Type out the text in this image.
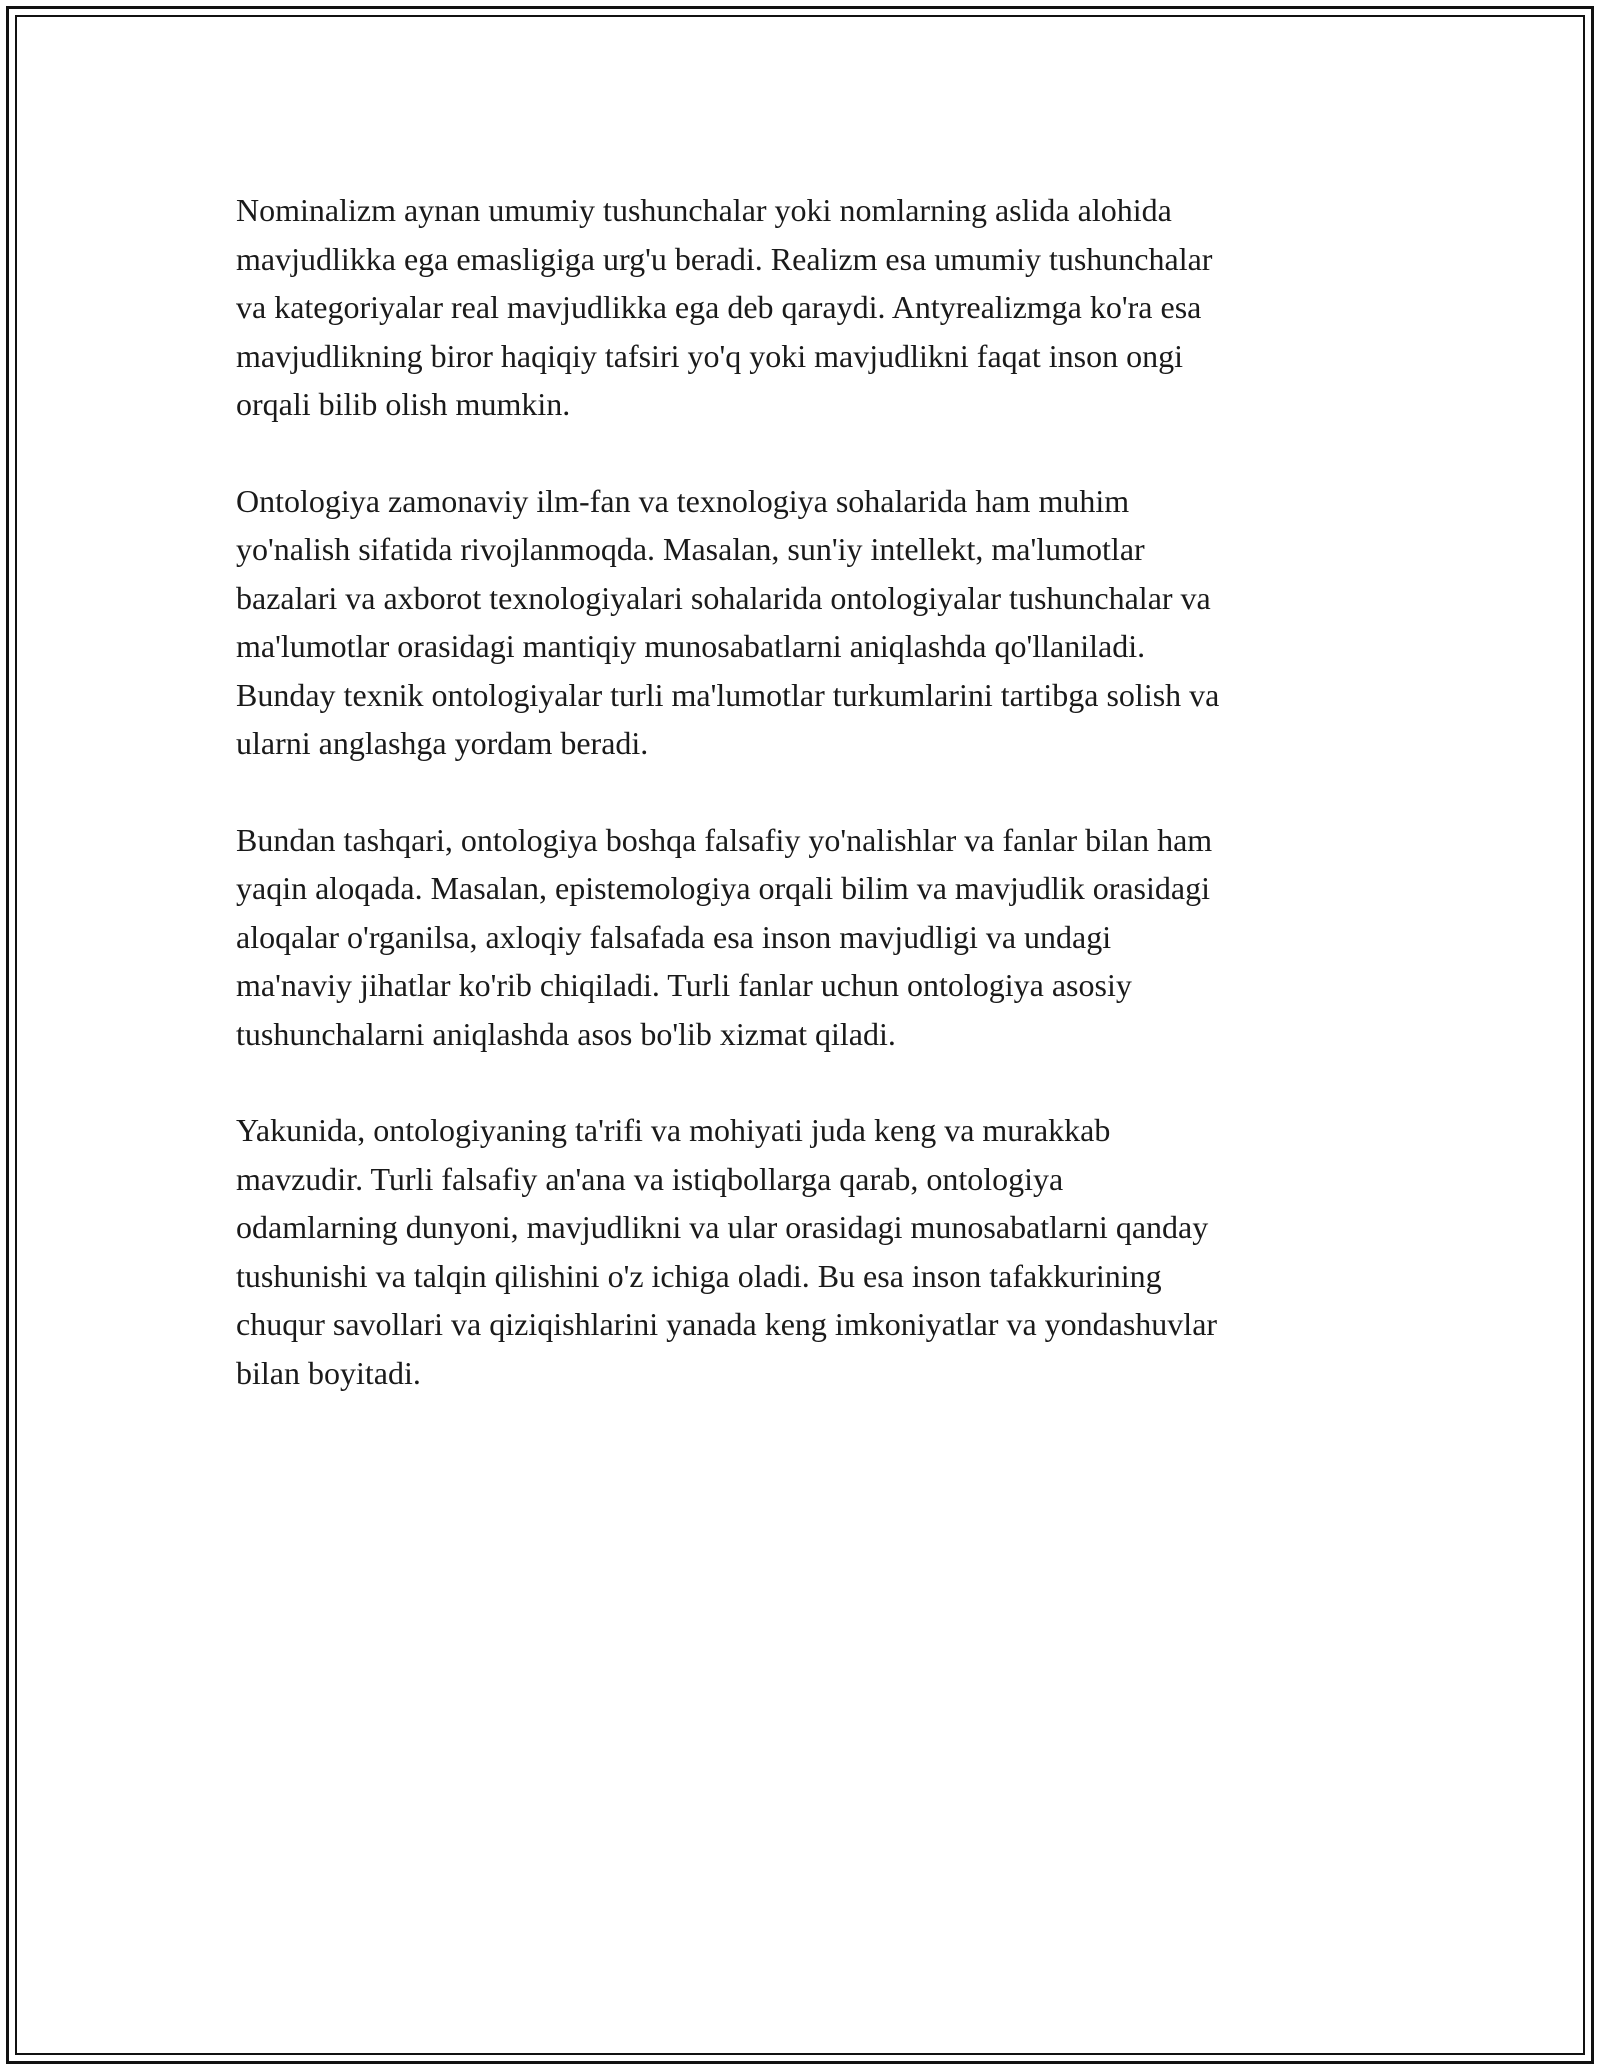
Nominalizm aynan umumiy tushunchalar yoki nomlarning aslida alohida
mavjudlikka ega emasligiga urg'u beradi. Realizm esa umumiy tushunchalar
va kategoriyalar real mavjudlikka ega deb qaraydi. Antyrealizmga ko'ra esa
mavjudlikning biror haqiqiy tafsiri yo'q yoki mavjudlikni faqat inson ongi
orqali bilib olish mumkin.

Ontologiya zamonaviy ilm-fan va texnologiya sohalarida ham muhim
yo'nalish sifatida rivojlanmoqda. Masalan, sun'iy intellekt, ma'lumotlar
bazalari va axborot texnologiyalari sohalarida ontologiyalar tushunchalar va
ma'lumotlar orasidagi mantiqiy munosabatlarni aniqlashda qo'llaniladi.
Bunday texnik ontologiyalar turli ma'lumotlar turkumlarini tartibga solish va
ularni anglashga yordam beradi.

Bundan tashqari, ontologiya boshqa falsafiy yo'nalishlar va fanlar bilan ham
yaqin aloqada. Masalan, epistemologiya orqali bilim va mavjudlik orasidagi
aloqalar o'rganilsa, axloqiy falsafada esa inson mavjudligi va undagi
ma'naviy jihatlar ko'rib chiqiladi. Turli fanlar uchun ontologiya asosiy
tushunchalarni aniqlashda asos bo'lib xizmat qiladi.

Yakunida, ontologiyaning ta'rifi va mohiyati juda keng va murakkab
mavzudir. Turli falsafiy an'ana va istiqbollarga qarab, ontologiya
odamlarning dunyoni, mavjudlikni va ular orasidagi munosabatlarni qanday
tushunishi va talqin qilishini o'z ichiga oladi. Bu esa inson tafakkurining
chuqur savollari va qiziqishlarini yanada keng imkoniyatlar va yondashuvlar
bilan boyitadi.
